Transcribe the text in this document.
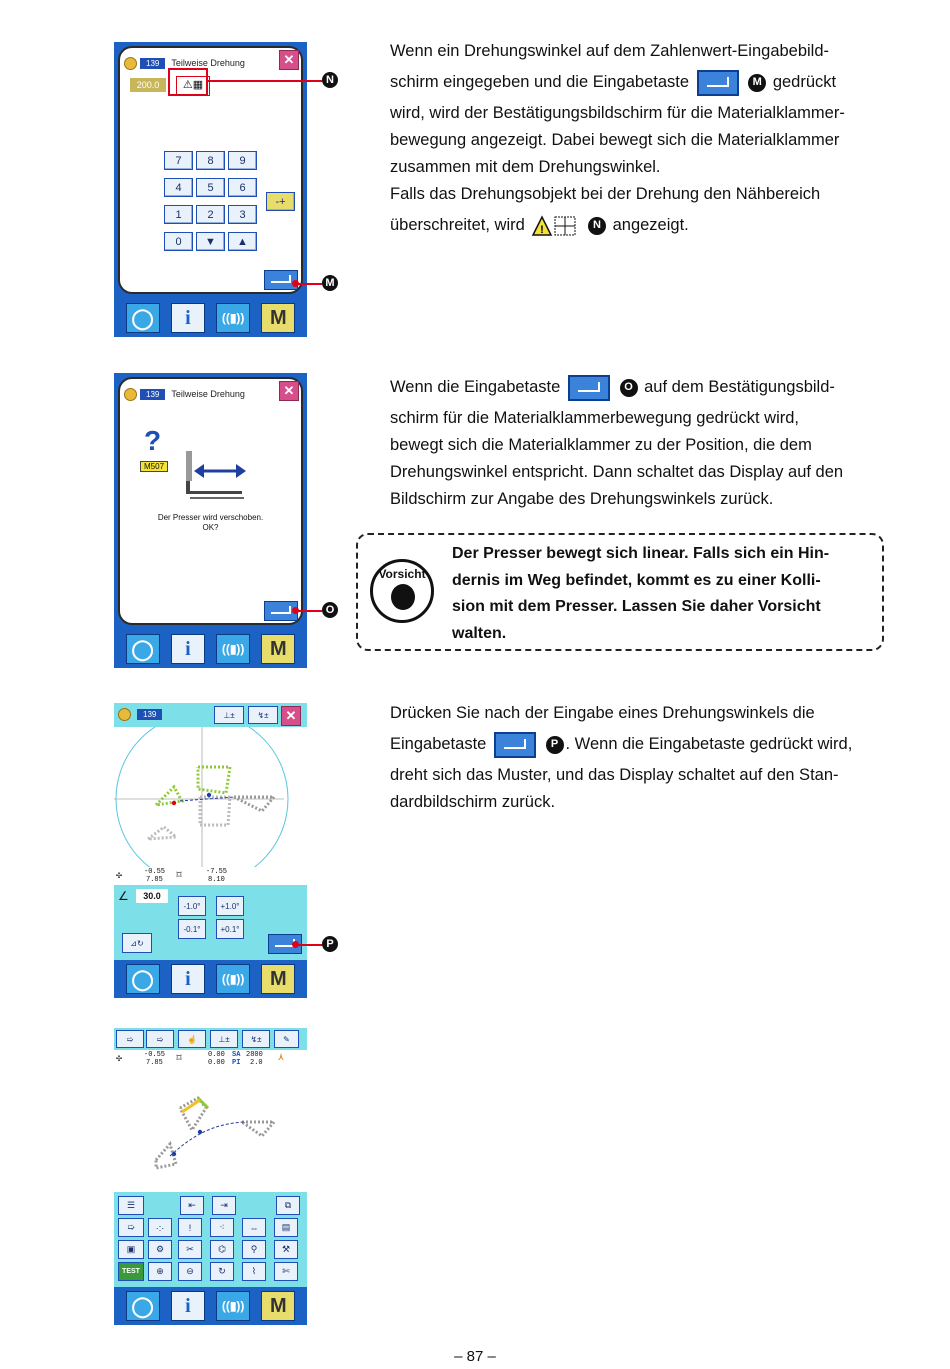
139	Teilweise Drehung	✕
200.0	⚠▦
7	8	9
4	5	6
1	2	3
0	▼	▲
-+
◯	i	((▮))	M
N
M
Wenn ein Drehungswinkel auf dem Zahlenwert-Eingabebild-
schirm eingegeben und die Eingabetaste	M gedrückt
wird, wird der Bestätigungsbildschirm für die Materialklammer-
bewegung angezeigt. Dabei bewegt sich die Materialklammer
zusammen mit dem Drehungswinkel.
Falls das Drehungsobjekt bei der Drehung den Nähbereich
überschreitet, wird !	N angezeigt.
139	Teilweise Drehung	✕
?
M507
Der Presser wird verschoben.
OK?
◯	i	((▮))	M
O
Wenn die Eingabetaste	O auf dem Bestätigungsbild-
schirm für die Materialklammerbewegung gedrückt wird,
bewegt sich die Materialklammer zu der Position, die dem
Drehungswinkel entspricht. Dann schaltet das Display auf den
Bildschirm zur Angabe des Drehungswinkels zurück.
Vorsicht
Der Presser bewegt sich linear. Falls sich ein Hin-
dernis im Weg befindet, kommt es zu einer Kolli-
sion mit dem Presser. Lassen Sie daher Vorsicht
walten.
139	⊥±	↯±	✕
✣	-0.55
7.85 ⌑	-7.55
8.10
∠	30.0
-1.0°	+1.0°
-0.1°	+0.1°
⊿↻
◯	i	((▮))	M
P
Drücken Sie nach der Eingabe eines Drehungswinkels die
Eingabetaste	P . Wenn die Eingabetaste gedrückt wird,
dreht sich das Muster, und das Display schaltet auf den Stan-
dardbildschirm zurück.
➯	➯	☝	⊥±	↯±	✎
✣	-0.55
7.85 ⌑	0.00
0.00
SA 2800
PI 2.0 ⋏
☰	⇤	⇥	⧉
➯	·:·	!	⁖	⇔	▤
▣	⚙	✂	⌬	⚲	⚒
TEST	⊕	⊖	↻	⌇	✄
◯	i	((▮))	M
– 87 –
